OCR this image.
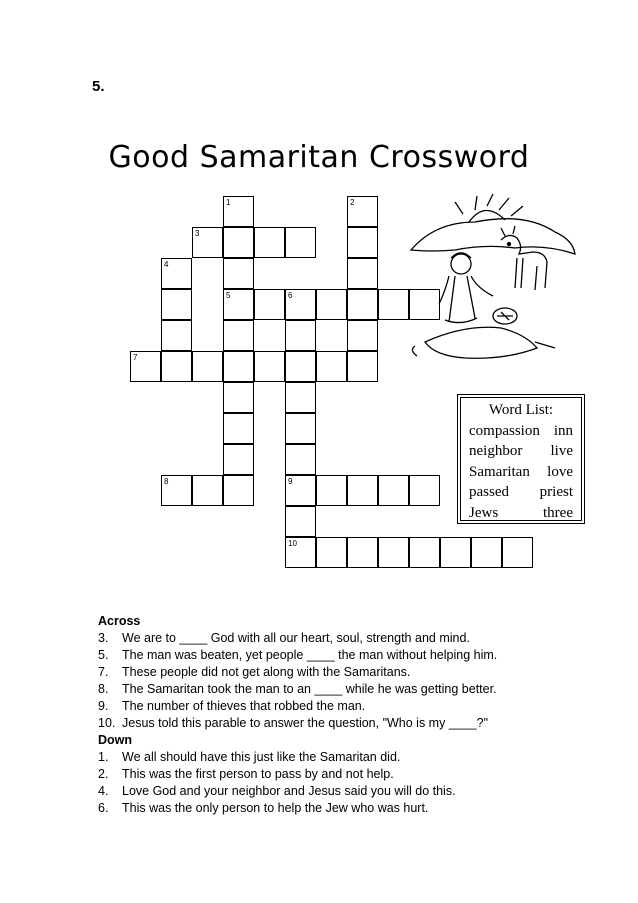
5.
Good Samaritan Crossword
1
5
2
3
4
6
9
10
7
8
Word List:
compassion inn
neighbor live
Samaritan love
passed priest
Jews	three
Across
3. We are to ____ God with all our heart, soul, strength and mind.
5. The man was beaten, yet people ____ the man without helping him.
7. These people did not get along with the Samaritans.
8. The Samaritan took the man to an ____ while he was getting better.
9. The number of thieves that robbed the man.
10. Jesus told this parable to answer the question, "Who is my ____?"
Down
1. We all should have this just like the Samaritan did.
2. This was the first person to pass by and not help.
4. Love God and your neighbor and Jesus said you will do this.
6. This was the only person to help the Jew who was hurt.
